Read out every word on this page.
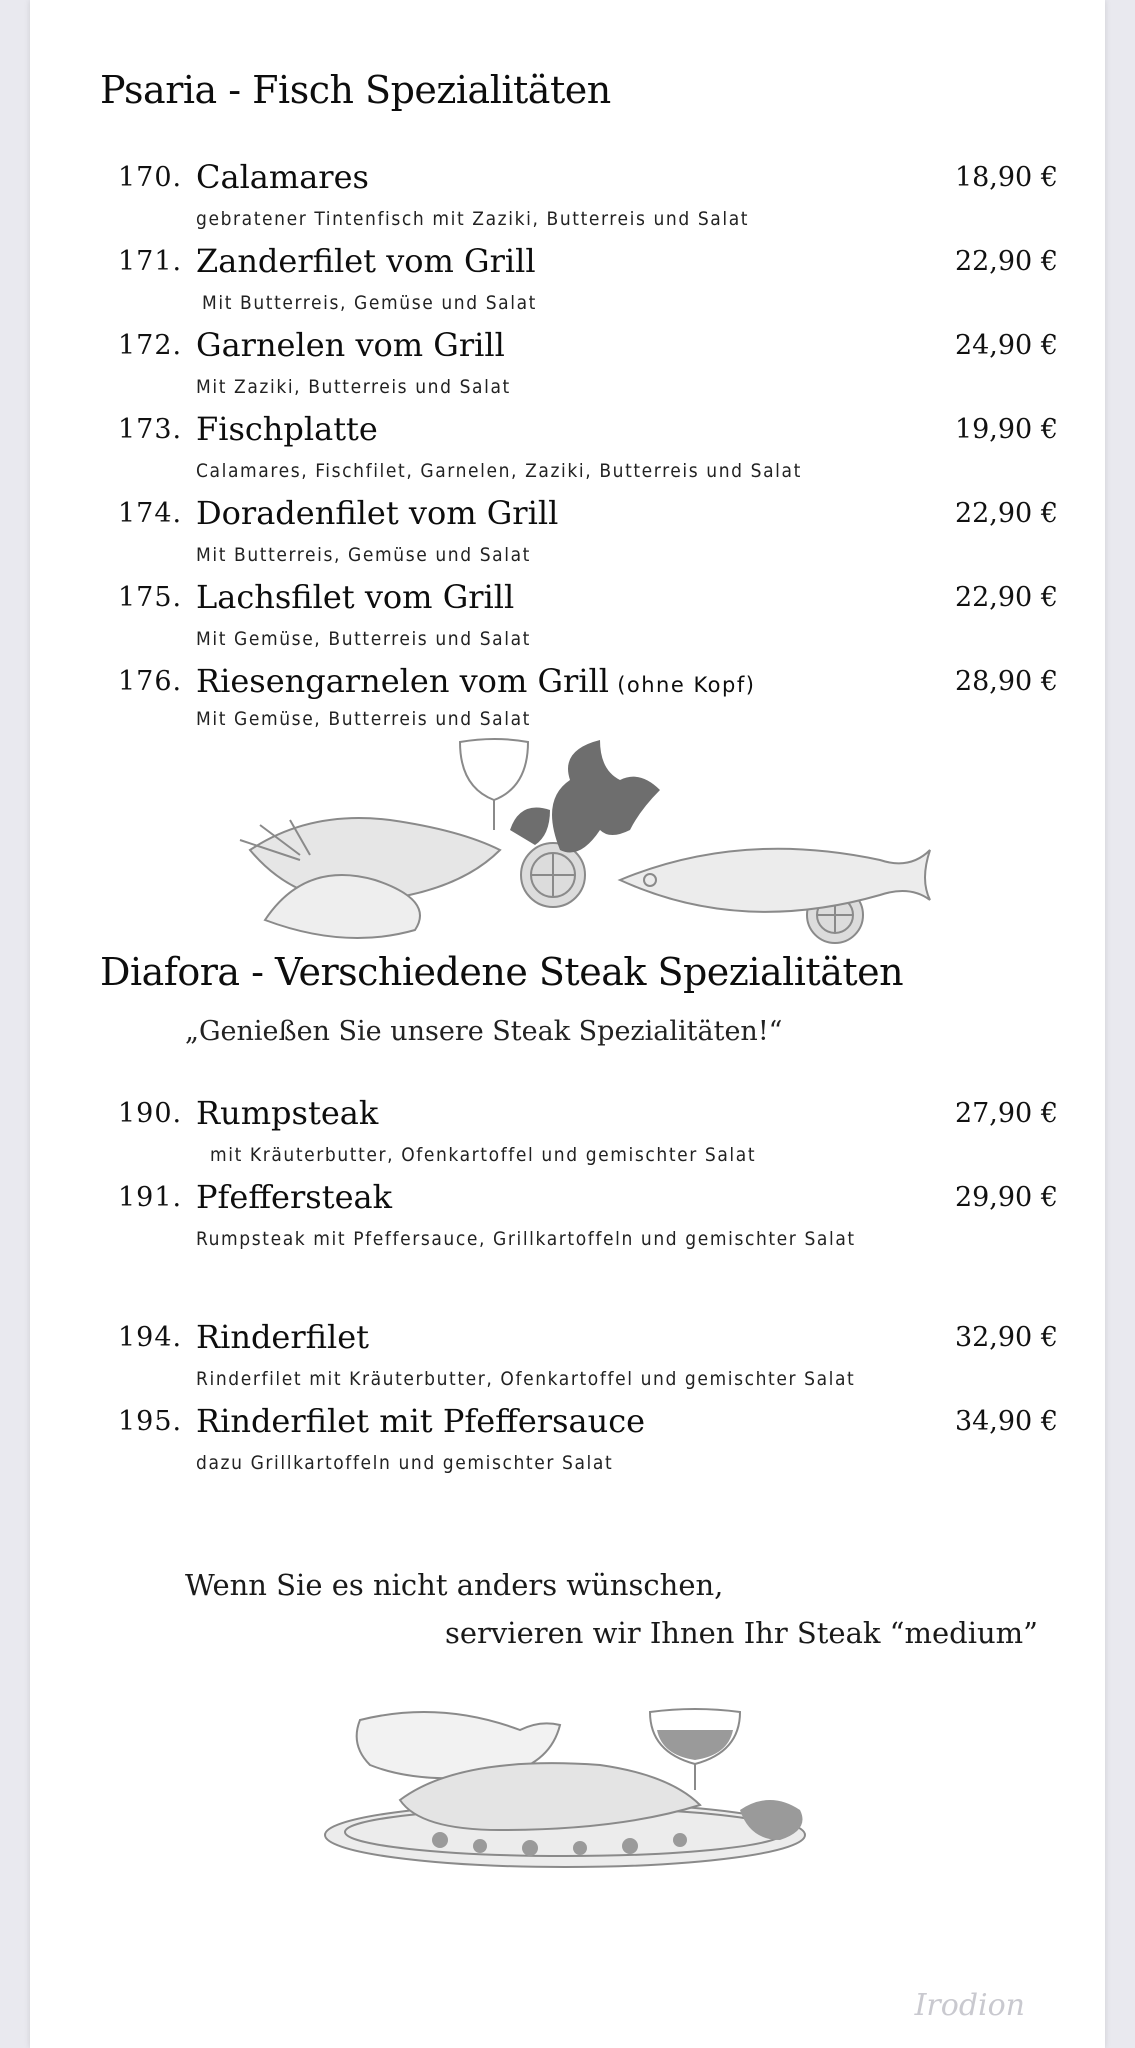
Psaria - Fisch Spezialitäten
170. Calamares	18,90 €
gebratener Tintenfisch mit Zaziki, Butterreis und Salat
171. Zanderfilet vom Grill	22,90 €
Mit Butterreis, Gemüse und Salat
172. Garnelen vom Grill	24,90 €
Mit Zaziki, Butterreis und Salat
173. Fischplatte	19,90 €
Calamares, Fischfilet, Garnelen, Zaziki, Butterreis und Salat
174. Doradenfilet vom Grill	22,90 €
Mit Butterreis, Gemüse und Salat
175. Lachsfilet vom Grill	22,90 €
Mit Gemüse, Butterreis und Salat
176. Riesengarnelen vom Grill (ohne Kopf)	28,90 €
Mit Gemüse, Butterreis und Salat
Diafora - Verschiedene Steak Spezialitäten
„Genießen Sie unsere Steak Spezialitäten!“
190. Rumpsteak	27,90 €
mit Kräuterbutter, Ofenkartoffel und gemischter Salat
191. Pfeffersteak	29,90 €
Rumpsteak mit Pfeffersauce, Grillkartoffeln und gemischter Salat
194. Rinderfilet	32,90 €
Rinderfilet mit Kräuterbutter, Ofenkartoffel und gemischter Salat
195. Rinderfilet mit Pfeffersauce	34,90 €
dazu Grillkartoffeln und gemischter Salat
Wenn Sie es nicht anders wünschen,
servieren wir Ihnen Ihr Steak “medium”
Irodion
